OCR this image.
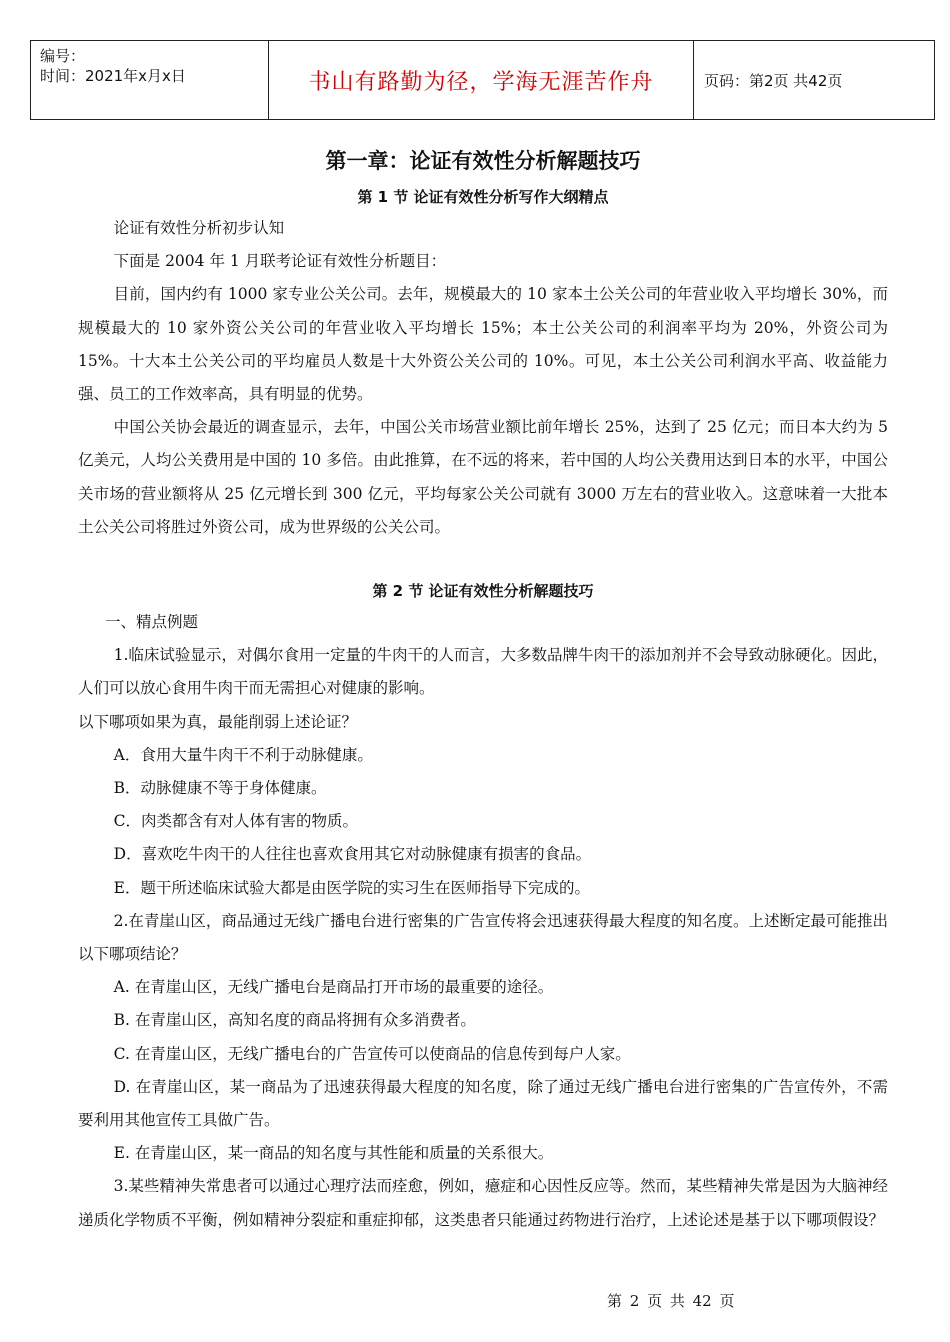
编号：
时间：2021年x月x日	书山有路勤为径，学海无涯苦作舟	页码：第2页 共42页
第一章：论证有效性分析解题技巧
第 1 节 论证有效性分析写作大纲精点

论证有效性分析初步认知

下面是 2004 年 1 月联考论证有效性分析题目：

目前，国内约有 1000 家专业公关公司。去年，规模最大的 10 家本土公关公司的年营业收入平均增长 30%，而规模最大的 10 家外资公关公司的年营业收入平均增长 15%；本土公关公司的利润率平均为 20%，外资公司为 15%。十大本土公关公司的平均雇员人数是十大外资公关公司的 10%。可见，本土公关公司利润水平高、收益能力强、员工的工作效率高，具有明显的优势。

中国公关协会最近的调查显示，去年，中国公关市场营业额比前年增长 25%，达到了 25 亿元；而日本大约为 5 亿美元，人均公关费用是中国的 10 多倍。由此推算，在不远的将来，若中国的人均公关费用达到日本的水平，中国公关市场的营业额将从 25 亿元增长到 300 亿元，平均每家公关公司就有 3000 万左右的营业收入。这意味着一大批本土公关公司将胜过外资公司，成为世界级的公关公司。

第 2 节 论证有效性分析解题技巧

一、精点例题

1.临床试验显示，对偶尔食用一定量的牛肉干的人而言，大多数品牌牛肉干的添加剂并不会导致动脉硬化。因此，人们可以放心食用牛肉干而无需担心对健康的影响。

以下哪项如果为真，最能削弱上述论证？

A．食用大量牛肉干不利于动脉健康。

B．动脉健康不等于身体健康。

C．肉类都含有对人体有害的物质。

D．喜欢吃牛肉干的人往往也喜欢食用其它对动脉健康有损害的食品。

E．题干所述临床试验大都是由医学院的实习生在医师指导下完成的。

2.在青崖山区，商品通过无线广播电台进行密集的广告宣传将会迅速获得最大程度的知名度。上述断定最可能推出以下哪项结论？

A. 在青崖山区，无线广播电台是商品打开市场的最重要的途径。

B. 在青崖山区，高知名度的商品将拥有众多消费者。

C. 在青崖山区，无线广播电台的广告宣传可以使商品的信息传到每户人家。

D. 在青崖山区，某一商品为了迅速获得最大程度的知名度，除了通过无线广播电台进行密集的广告宣传外，不需要利用其他宣传工具做广告。

E. 在青崖山区，某一商品的知名度与其性能和质量的关系很大。

3.某些精神失常患者可以通过心理疗法而痊愈，例如，癔症和心因性反应等。然而，某些精神失常是因为大脑神经递质化学物质不平衡，例如精神分裂症和重症抑郁，这类患者只能通过药物进行治疗，上述论述是基于以下哪项假设？

第 2 页 共 42 页
